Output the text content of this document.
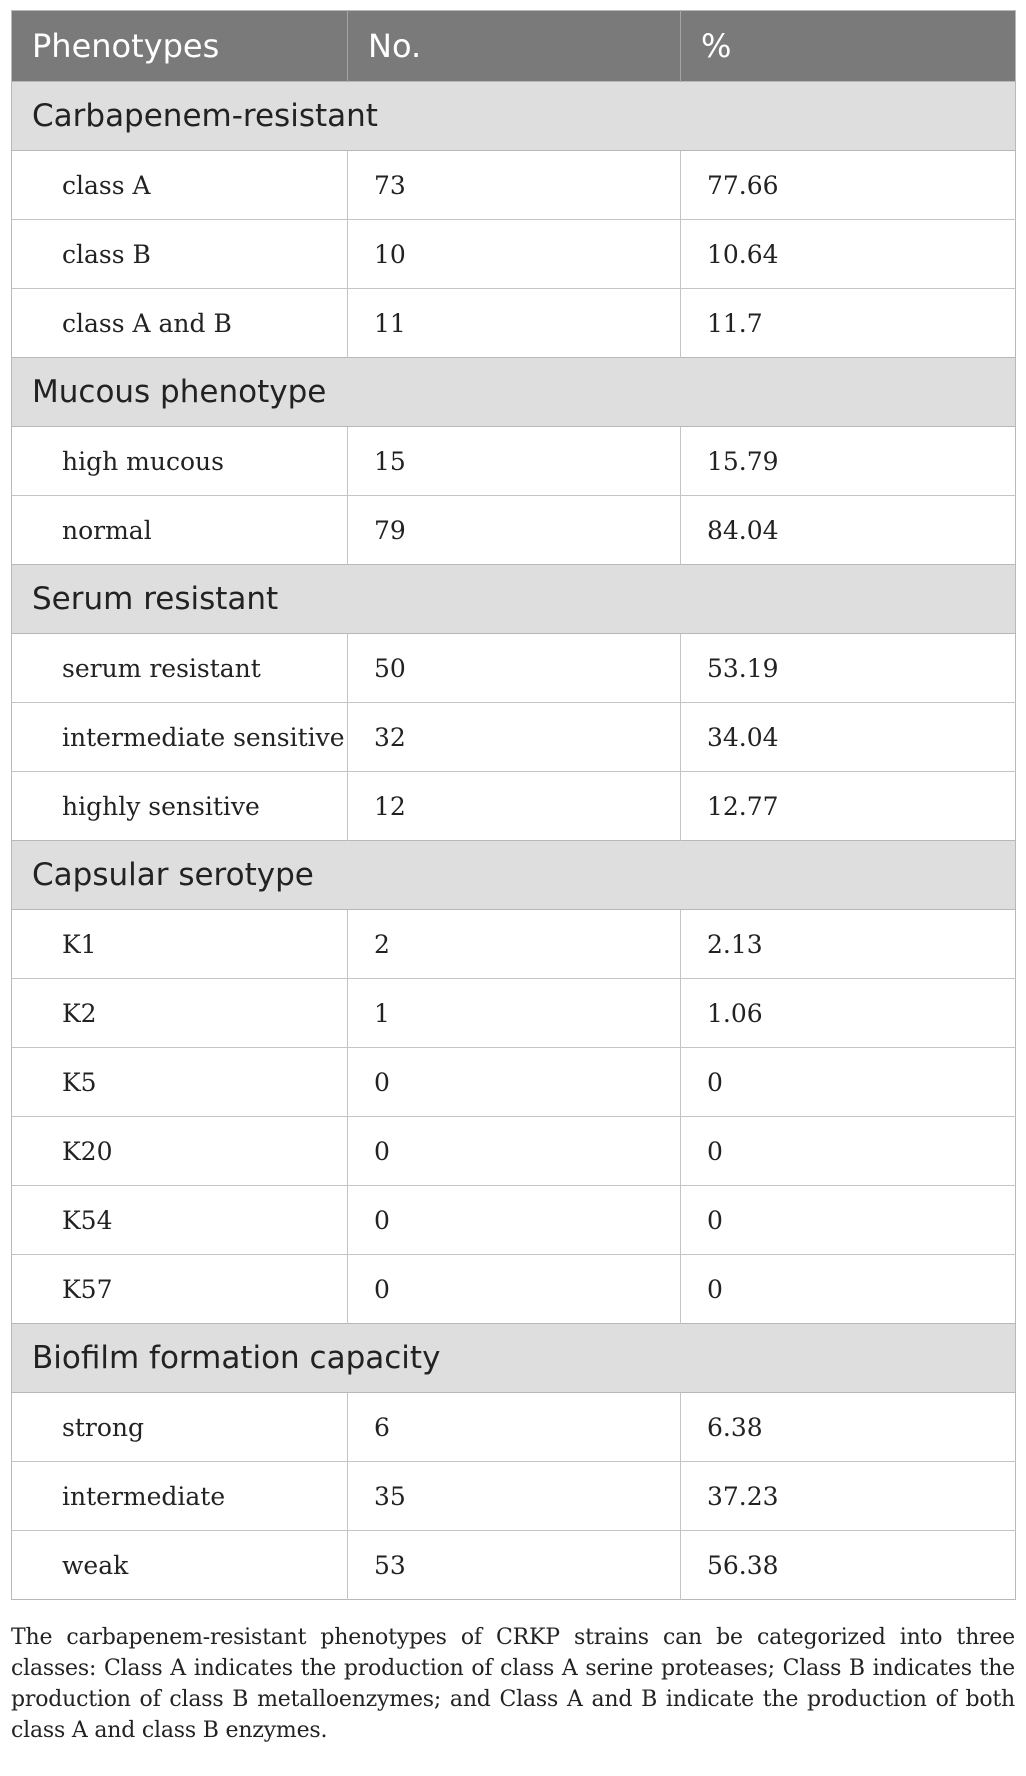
Phenotypes	No.	%
Carbapenem-resistant		
class A	73	77.66
class B	10	10.64
class A and B	11	11.7
Mucous phenotype		
high mucous	15	15.79
normal	79	84.04
Serum resistant		
serum resistant	50	53.19
intermediate sensitive	32	34.04
highly sensitive	12	12.77
Capsular serotype		
K1	2	2.13
K2	1	1.06
K5	0	0
K20	0	0
K54	0	0
K57	0	0
Biofilm formation capacity		
strong	6	6.38
intermediate	35	37.23
weak	53	56.38
The carbapenem-resistant phenotypes of CRKP strains can be categorized into three classes: Class A indicates the production of class A serine proteases; Class B indicates the production of class B metalloenzymes; and Class A and B indicate the production of both class A and class B enzymes.
